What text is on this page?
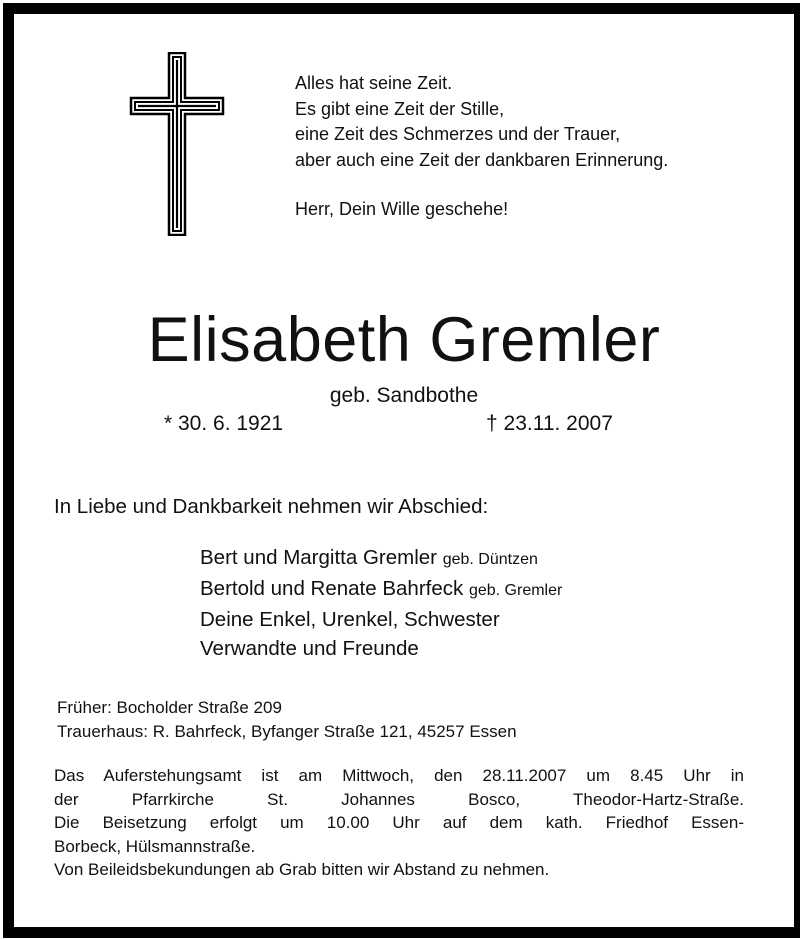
Alles hat seine Zeit.
Es gibt eine Zeit der Stille,
eine Zeit des Schmerzes und der Trauer,
aber auch eine Zeit der dankbaren Erinnerung.
Herr, Dein Wille geschehe!
Elisabeth Gremler
geb. Sandbothe
* 30. 6. 1921	† 23.11. 2007
In Liebe und Dankbarkeit nehmen wir Abschied:
Bert und Margitta Gremler geb. Düntzen
Bertold und Renate Bahrfeck geb. Gremler
Deine Enkel, Urenkel, Schwester
Verwandte und Freunde
Früher: Bocholder Straße 209
Trauerhaus: R. Bahrfeck, Byfanger Straße 121, 45257 Essen
Das Auferstehungsamt ist am Mittwoch, den 28.11.2007 um 8.45 Uhr in
der Pfarrkirche St. Johannes Bosco, Theodor-Hartz-Straße.
Die Beisetzung erfolgt um 10.00 Uhr auf dem kath. Friedhof Essen-
Borbeck, Hülsmannstraße.
Von Beileidsbekundungen ab Grab bitten wir Abstand zu nehmen.
